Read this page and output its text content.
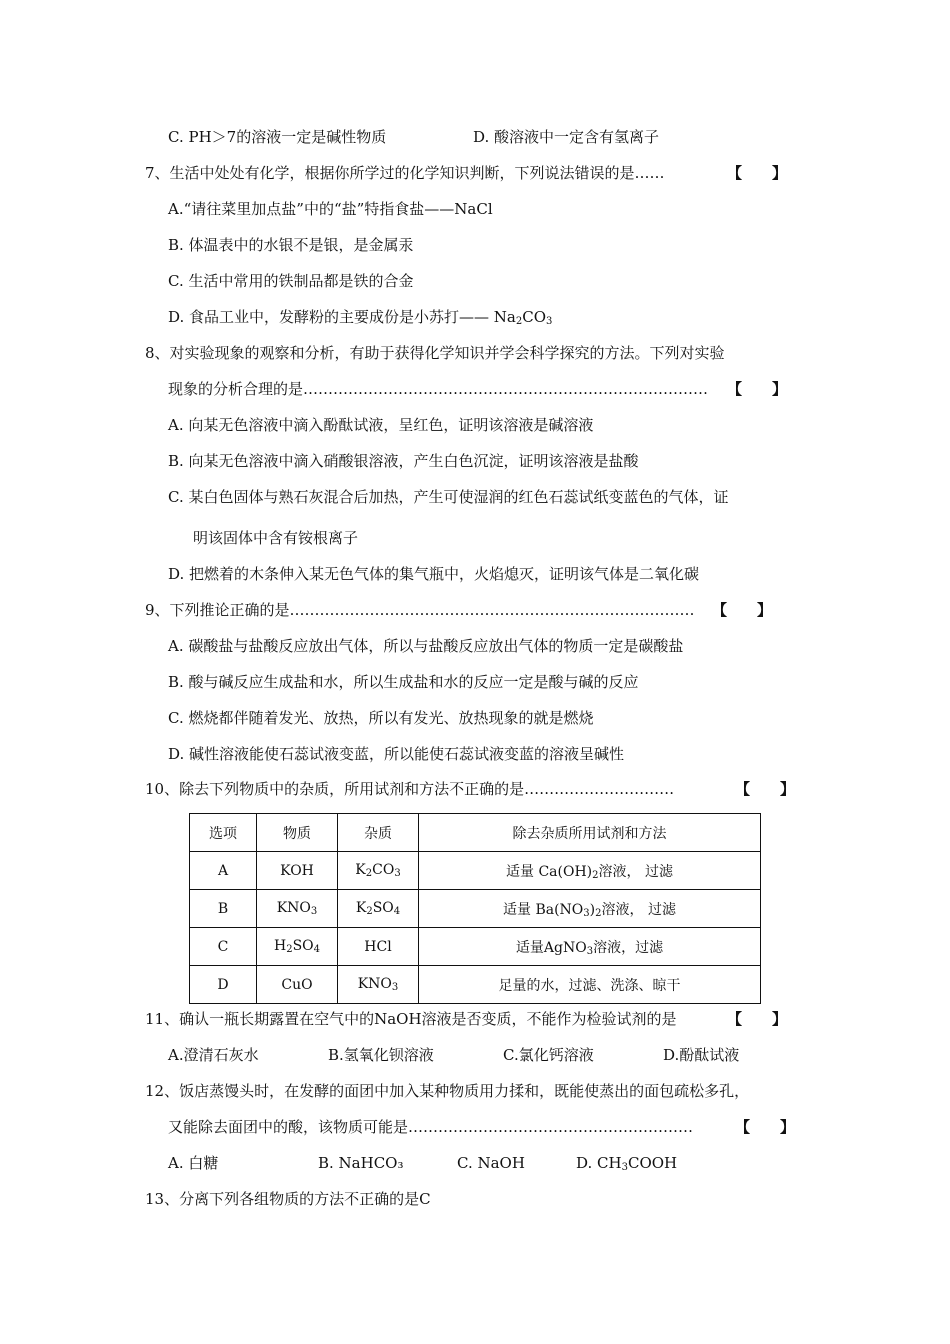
C. PH＞7的溶液一定是碱性物质	D. 酸溶液中一定含有氢离子
7、生活中处处有化学，根据你所学过的化学知识判断，下列说法错误的是……	【　　】
A.“请往菜里加点盐”中的“盐”特指食盐——NaCl
B. 体温表中的水银不是银，是金属汞
C. 生活中常用的铁制品都是铁的合金
D. 食品工业中，发酵粉的主要成份是小苏打—— $Na_2CO_3$
8、对实验现象的观察和分析，有助于获得化学知识并学会科学探究的方法。下列对实验
现象的分析合理的是……………………………………………………………………… 【　　】
A. 向某无色溶液中滴入酚酞试液，呈红色，证明该溶液是碱溶液
B. 向某无色溶液中滴入硝酸银溶液，产生白色沉淀，证明该溶液是盐酸
C. 某白色固体与熟石灰混合后加热，产生可使湿润的红色石蕊试纸变蓝色的气体，证
明该固体中含有铵根离子
D. 把燃着的木条伸入某无色气体的集气瓶中，火焰熄灭，证明该气体是二氧化碳
9、下列推论正确的是……………………………………………………………………… 【　　】
A. 碳酸盐与盐酸反应放出气体，所以与盐酸反应放出气体的物质一定是碳酸盐
B. 酸与碱反应生成盐和水，所以生成盐和水的反应一定是酸与碱的反应
C. 燃烧都伴随着发光、放热，所以有发光、放热现象的就是燃烧
D. 碱性溶液能使石蕊试液变蓝，所以能使石蕊试液变蓝的溶液呈碱性
10、除去下列物质中的杂质，所用试剂和方法不正确的是…………………………	【　　】
选项	物质	杂质	除去杂质所用试剂和方法
A	KOH	$K_2CO_3$	适量 $Ca(OH)_2$溶液， 过滤
B	$KNO_3$	$K_2SO_4$	适量 $Ba(NO_3)_2$溶液， 过滤
C	$H_2SO_4$	HCl	适量AgNO$_3$溶液，过滤
D	CuO	$KNO_3$	足量的水，过滤、洗涤、晾干
11、确认一瓶长期露置在空气中的NaOH溶液是否变质，不能作为检验试剂的是	【　　】
A.澄清石灰水	B.氢氧化钡溶液	C.氯化钙溶液	D.酚酞试液
12、饭店蒸馒头时，在发酵的面团中加入某种物质用力揉和，既能使蒸出的面包疏松多孔，
又能除去面团中的酸，该物质可能是…………………………………………………	【　　】
A. 白糖	B. NaHCO₃	C. NaOH	D. $CH_3COOH$
13、分离下列各组物质的方法不正确的是C
